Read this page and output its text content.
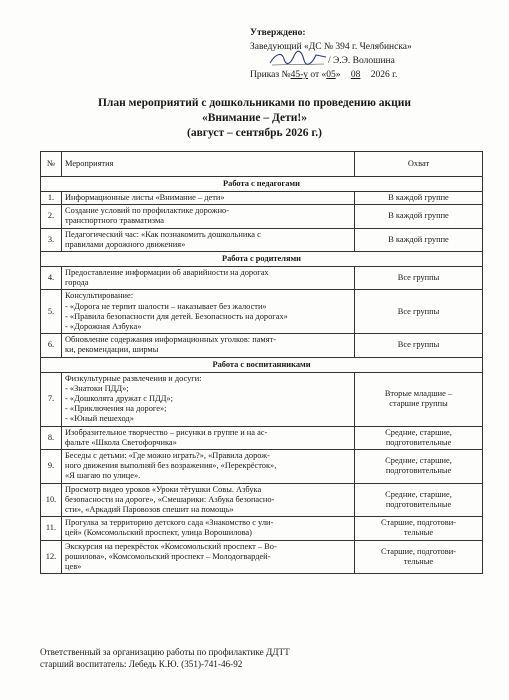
Утверждено:
Заведующий «ДС № 394 г. Челябинска»
/ Э.Э. Волошина
Приказ №45-у от «05» 08 2026 г.
План мероприятий с дошкольниками по проведению акции
«Внимание – Дети!»
(август – сентябрь 2026 г.)
№	Мероприятия	Охват
Работа с педагогами		
1.	Информационные листы «Внимание – дети»	В каждой группе

2.	Создание условий по профилактике дорожно-
транспортного травматизма	В каждой группе

3.	Педагогический час: «Как познакомить дошкольника с
правилами дорожного движения»	В каждой группе

Работа с родителями		
4.	Предоставление информации об аварийности на дорогах
города	Все группы

5.	Консультирование:
- «Дорога не терпит шалости – наказывает без жалости»
- «Правила безопасности для детей. Безопасность на дорогах»
- «Дорожная Азбука»	Все группы

6.	Обновление содержания информационных уголков: памят-
ки, рекомендации, ширмы	Все группы

Работа с воспитанниками		
7.	Физкультурные развлечения и досуги:
- «Знатоки ПДД»;
- «Дошколята дружат с ПДД»;
- «Приключения на дороге»;
- «Юный пешеход»	Вторые младшие –
старшие группы

8.	Изобразительное творчество – рисунки в группе и на ас-
фальте «Школа Светофорчика»	Средние, старшие,
подготовительные

9.	Беседы с детьми: «Где можно играть?», «Правила дорож-
ного движения выполняй без возражения», «Перекрёсток»,
«Я шагаю по улице».	Средние, старшие,
подготовительные

10.	Просмотр видео уроков «Уроки тётушки Совы. Азбука
безопасности на дороге», «Смешарики: Азбука безопасно-
сти», «Аркадий Паровозов спешит на помощь»	Средние, старшие,
подготовительные

11.	Прогулка за территорию детского сада «Знакомство с ули-
цей» (Комсомольский проспект, улица Ворошилова)	Старшие, подготови-
тельные

12.	Экскурсия на перекрёсток «Комсомольский проспект – Во-
рошилова», «Комсомольский проспект – Молодогвардей-
цев»	Старшие, подготови-
тельные
Ответственный за организацию работы по профилактике ДДТТ
старший воспитатель: Лебедь К.Ю. (351)-741-46-92
